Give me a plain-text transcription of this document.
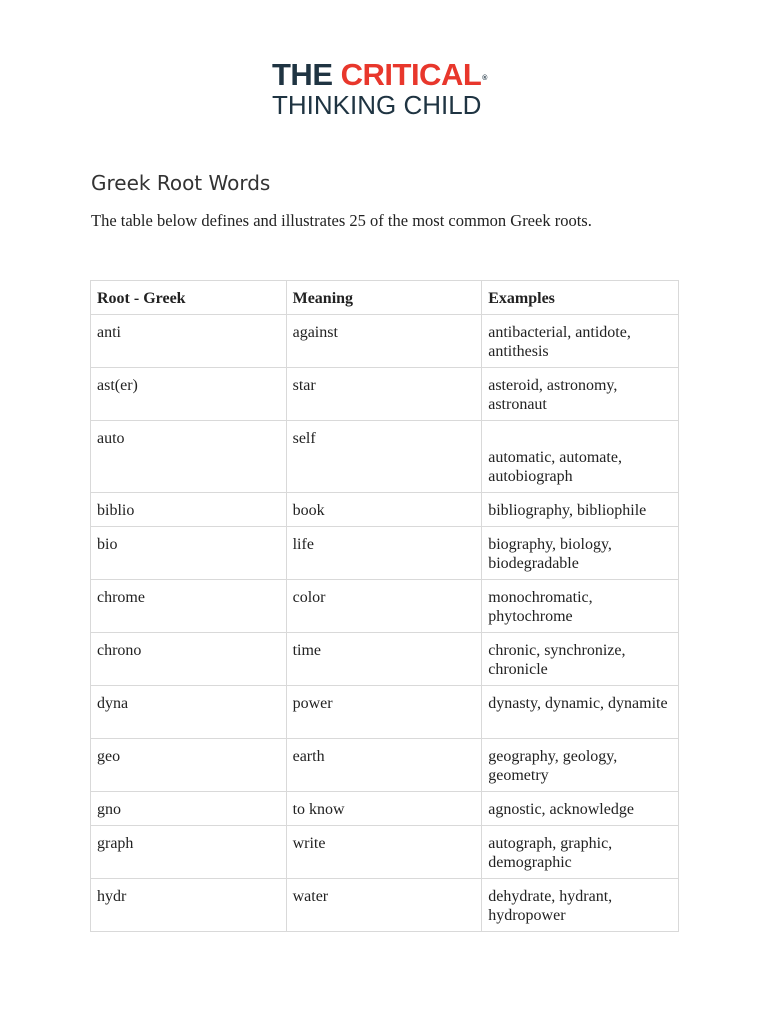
THE CRITICAL®
THINKING CHILD
Greek Root Words

The table below defines and illustrates 25 of the most common Greek roots.

Root - Greek	Meaning	Examples
anti	against	antibacterial, antidote, antithesis
ast(er)	star	asteroid, astronomy, astronaut
auto	self	automatic, automate, autobiograph
biblio	book	bibliography, bibliophile
bio	life	biography, biology, biodegradable
chrome	color	monochromatic, phytochrome
chrono	time	chronic, synchronize, chronicle
dyna	power	dynasty, dynamic, dynamite
geo	earth	geography, geology, geometry
gno	to know	agnostic, acknowledge
graph	write	autograph, graphic, demographic
hydr	water	dehydrate, hydrant, hydropower
